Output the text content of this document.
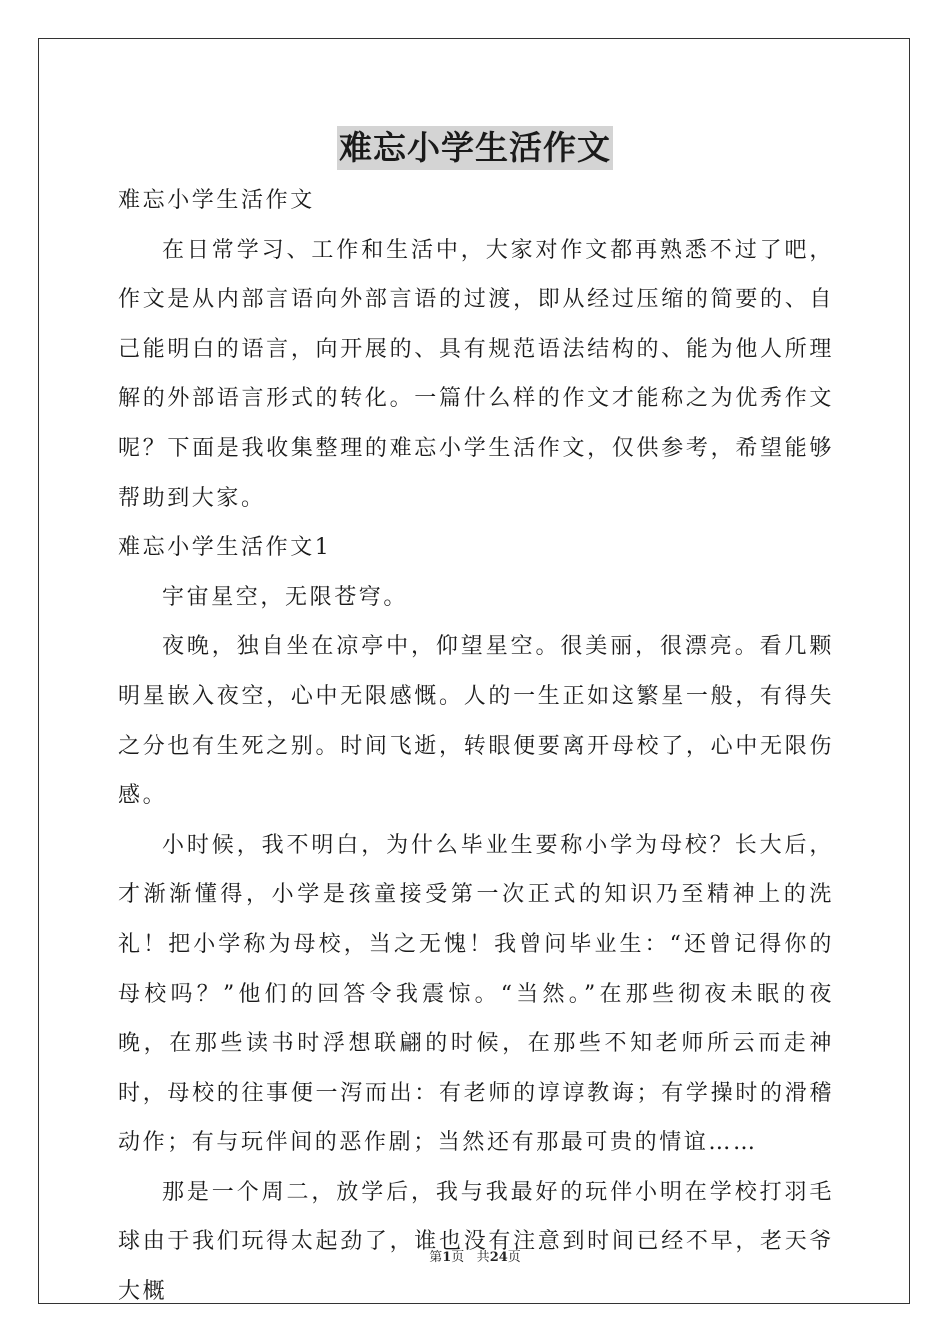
难忘小学生活作文

难忘小学生活作文

在日常学习、工作和生活中，大家对作文都再熟悉不过了吧，作文是从内部言语向外部言语的过渡，即从经过压缩的简要的、自己能明白的语言，向开展的、具有规范语法结构的、能为他人所理解的外部语言形式的转化。一篇什么样的作文才能称之为优秀作文呢？下面是我收集整理的难忘小学生活作文，仅供参考，希望能够帮助到大家。

难忘小学生活作文1

宇宙星空，无限苍穹。

夜晚，独自坐在凉亭中，仰望星空。很美丽，很漂亮。看几颗明星嵌入夜空，心中无限感慨。人的一生正如这繁星一般，有得失之分也有生死之别。时间飞逝，转眼便要离开母校了，心中无限伤感。

小时候，我不明白，为什么毕业生要称小学为母校？长大后，才渐渐懂得，小学是孩童接受第一次正式的知识乃至精神上的洗礼！把小学称为母校，当之无愧！我曾问毕业生：“还曾记得你的母校吗？”他们的回答令我震惊。“当然。”在那些彻夜未眠的夜晚，在那些读书时浮想联翩的时候，在那些不知老师所云而走神时，母校的往事便一泻而出：有老师的谆谆教诲；有学操时的滑稽动作；有与玩伴间的恶作剧；当然还有那最可贵的情谊……

那是一个周二，放学后，我与我最好的玩伴小明在学校打羽毛球由于我们玩得太起劲了，谁也没有注意到时间已经不早，老天爷大概

第1页 共24页
